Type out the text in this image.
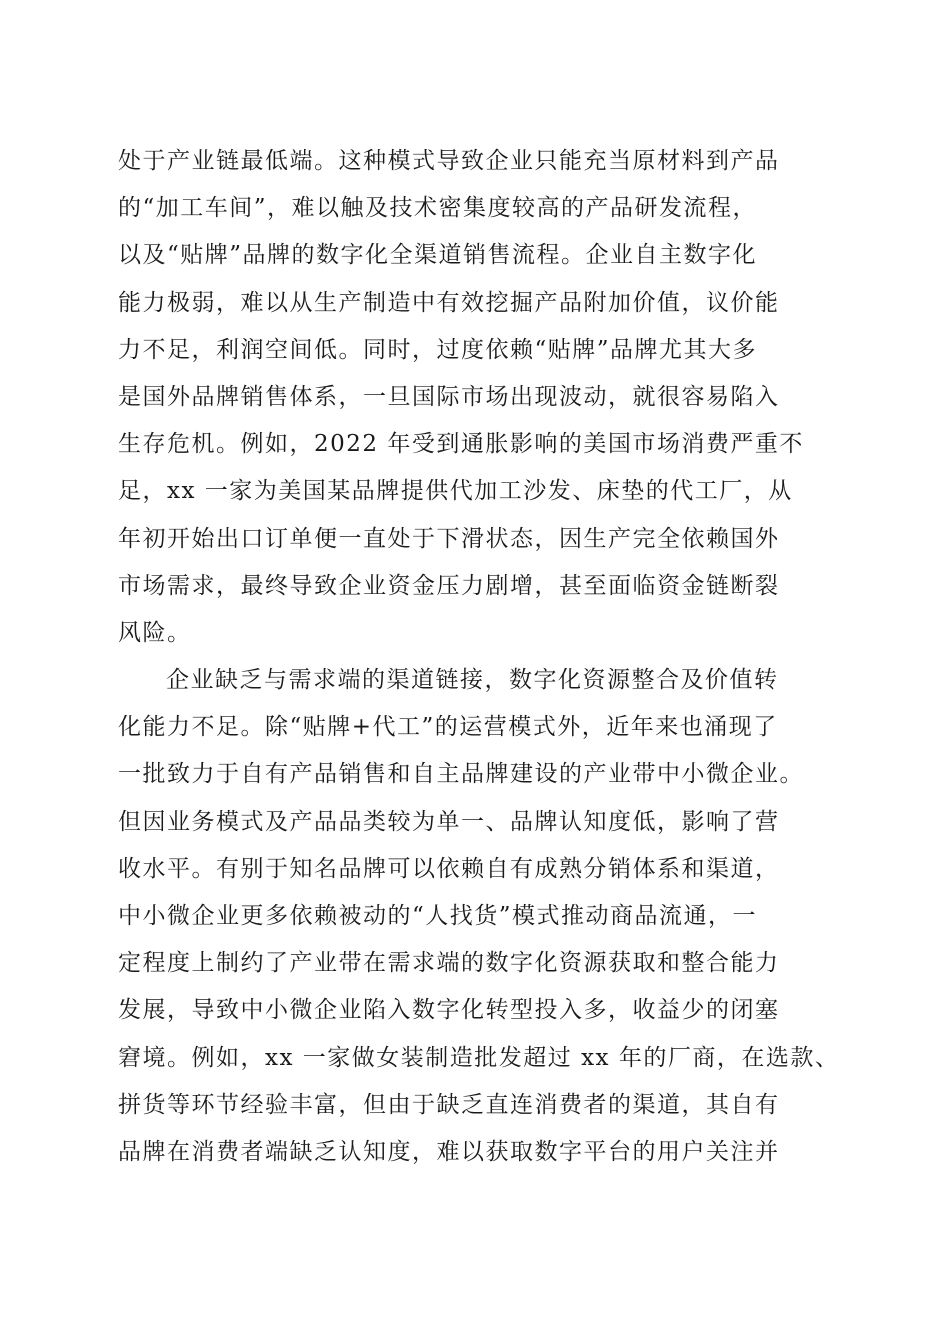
处于产业链最低端。这种模式导致企业只能充当原材料到产品
的“加工车间”，难以触及技术密集度较高的产品研发流程，
以及“贴牌”品牌的数字化全渠道销售流程。企业自主数字化
能力极弱，难以从生产制造中有效挖掘产品附加价值，议价能
力不足，利润空间低。同时，过度依赖“贴牌”品牌尤其大多
是国外品牌销售体系，一旦国际市场出现波动，就很容易陷入
生存危机。例如，2022 年受到通胀影响的美国市场消费严重不
足，xx 一家为美国某品牌提供代加工沙发、床垫的代工厂，从
年初开始出口订单便一直处于下滑状态，因生产完全依赖国外
市场需求，最终导致企业资金压力剧增，甚至面临资金链断裂
风险。
企业缺乏与需求端的渠道链接，数字化资源整合及价值转
化能力不足。除“贴牌+代工”的运营模式外，近年来也涌现了
一批致力于自有产品销售和自主品牌建设的产业带中小微企业。
但因业务模式及产品品类较为单一、品牌认知度低，影响了营
收水平。有别于知名品牌可以依赖自有成熟分销体系和渠道，
中小微企业更多依赖被动的“人找货”模式推动商品流通，一
定程度上制约了产业带在需求端的数字化资源获取和整合能力
发展，导致中小微企业陷入数字化转型投入多，收益少的闭塞
窘境。例如，xx 一家做女装制造批发超过 xx 年的厂商，在选款、
拼货等环节经验丰富，但由于缺乏直连消费者的渠道，其自有
品牌在消费者端缺乏认知度，难以获取数字平台的用户关注并
